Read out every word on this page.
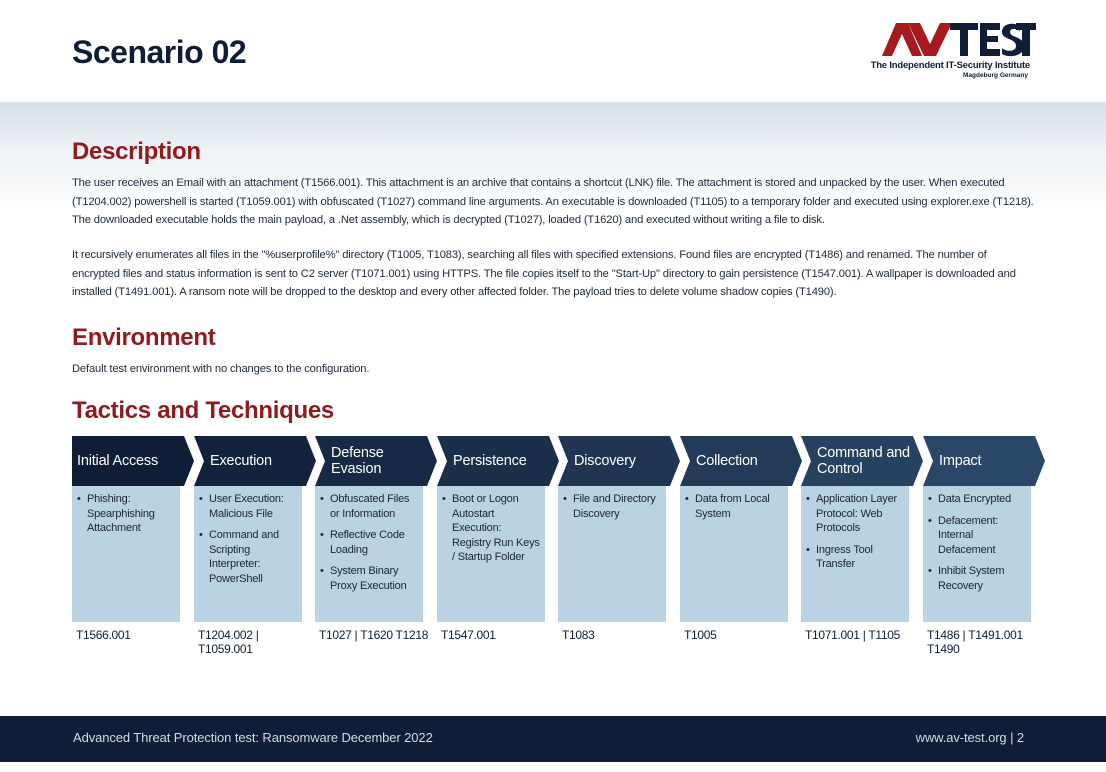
Scenario 02	The Independent IT-Security Institute
Magdeburg Germany
Description

The user receives an Email with an attachment (T1566.001). This attachment is an archive that contains a shortcut (LNK) file. The attachment is stored and unpacked by the user. When executed (T1204.002) powershell is started (T1059.001) with obfuscated (T1027) command line arguments. An executable is downloaded (T1105) to a temporary folder and executed using explorer.exe (T1218). The downloaded executable holds the main payload, a .Net assembly, which is decrypted (T1027), loaded (T1620) and executed without writing a file to disk.

It recursively enumerates all files in the "%userprofile%" directory (T1005, T1083), searching all files with specified extensions. Found files are encrypted (T1486) and renamed. The number of encrypted files and status information is sent to C2 server (T1071.001) using HTTPS. The file copies itself to the "Start-Up" directory to gain persistence (T1547.001). A wallpaper is downloaded and installed (T1491.001). A ransom note will be dropped to the desktop and every other affected folder. The payload tries to delete volume shadow copies (T1490).

Environment

Default test environment with no changes to the configuration.

Tactics and Techniques
Initial Access
• Phishing: Spearphishing Attachment
T1566.001
Execution
• User Execution: Malicious File
• Command and Scripting Interpreter: PowerShell
T1204.002 | T1059.001
Defense Evasion
• Obfuscated Files or Information
• Reflective Code Loading
• System Binary Proxy Execution
T1027 | T1620 T1218
Persistence
• Boot or Logon Autostart Execution: Registry Run Keys / Startup Folder
T1547.001
Discovery
• File and Directory Discovery
T1083
Collection
• Data from Local System
T1005
Command and Control
• Application Layer Protocol: Web Protocols
• Ingress Tool Transfer
T1071.001 | T1105
Impact
• Data Encrypted
• Defacement: Internal Defacement
• Inhibit System Recovery
T1486 | T1491.001 T1490
Advanced Threat Protection test: Ransomware December 2022	www.av-test.org | 2
